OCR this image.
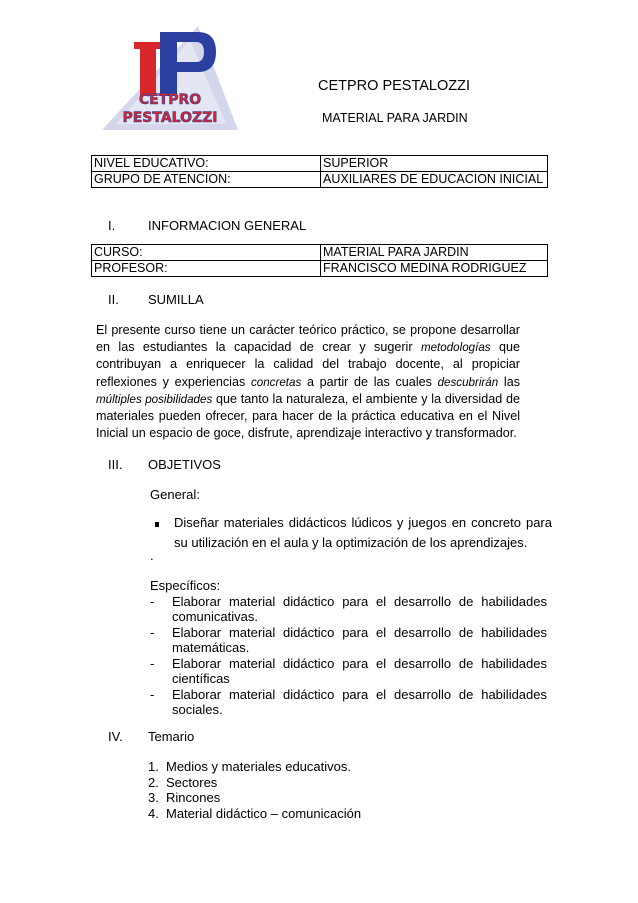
CETPRO
PESTALOZZI
CETPRO PESTALOZZI
MATERIAL PARA JARDIN
NIVEL EDUCATIVO:	SUPERIOR
GRUPO DE ATENCION:	AUXILIARES DE EDUCACION INICIAL
I.	INFORMACION GENERAL
CURSO:	MATERIAL PARA JARDIN
PROFESOR:	FRANCISCO MEDINA RODRIGUEZ
II. SUMILLA
El presente curso tiene un carácter teórico práctico, se propone desarrollar en las estudiantes la capacidad de crear y sugerir metodologías que contribuyan a enriquecer la calidad del trabajo docente, al propiciar reflexiones y experiencias concretas a partir de las cuales descubrirán las múltiples posibilidades que tanto la naturaleza, el ambiente y la diversidad de materiales pueden ofrecer, para hacer de la práctica educativa en el Nivel Inicial un espacio de goce, disfrute, aprendizaje interactivo y transformador.
III. OBJETIVOS
General:
Diseñar materiales didácticos lúdicos y juegos en concreto para su utilización en el aula y la optimización de los aprendizajes.
.
Específicos:
-	Elaborar material didáctico para el desarrollo de habilidades
comunicativas.
-	Elaborar material didáctico para el desarrollo de habilidades
matemáticas.
-	Elaborar material didáctico para el desarrollo de habilidades
científicas
-	Elaborar material didáctico para el desarrollo de habilidades
sociales.
IV. Temario
1. Medios y materiales educativos.
2. Sectores
3. Rincones
4. Material didáctico – comunicación
